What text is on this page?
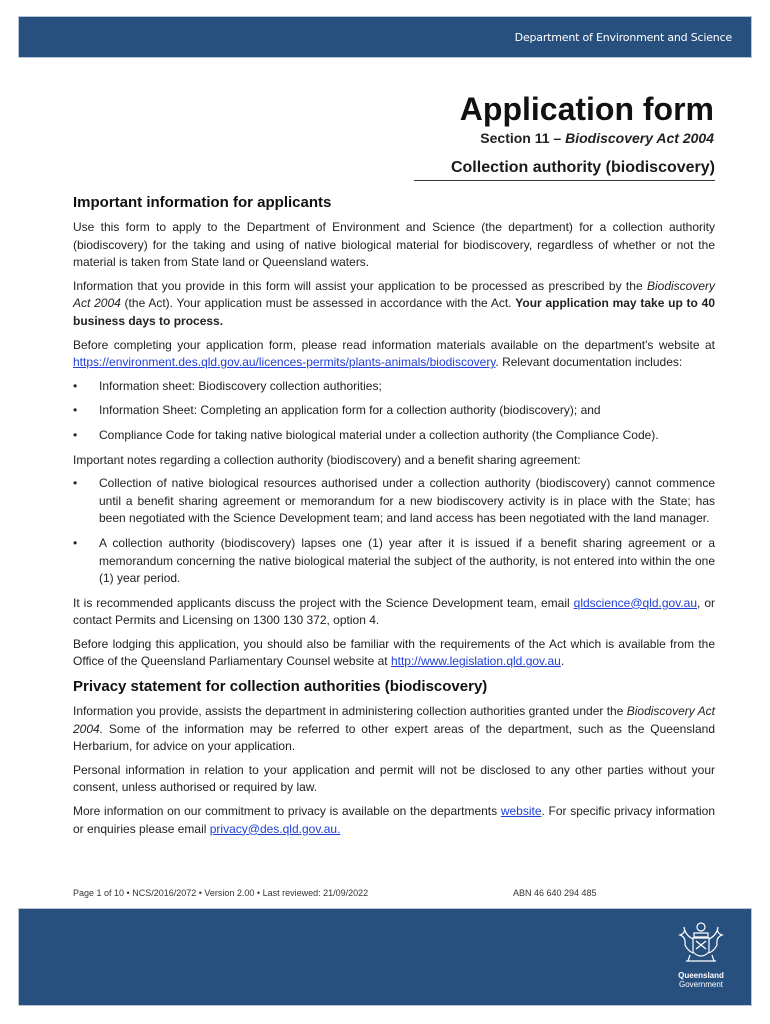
Department of Environment and Science
Application form
Section 11 – Biodiscovery Act 2004
Collection authority (biodiscovery)
Important information for applicants

Use this form to apply to the Department of Environment and Science (the department) for a collection authority (biodiscovery) for the taking and using of native biological material for biodiscovery, regardless of whether or not the material is taken from State land or Queensland waters.

Information that you provide in this form will assist your application to be processed as prescribed by the Biodiscovery Act 2004 (the Act). Your application must be assessed in accordance with the Act. Your application may take up to 40 business days to process.

Before completing your application form, please read information materials available on the department's website at https://environment.des.qld.gov.au/licences-permits/plants-animals/biodiscovery. Relevant documentation includes:

• Information sheet: Biodiscovery collection authorities;
• Information Sheet: Completing an application form for a collection authority (biodiscovery); and
• Compliance Code for taking native biological material under a collection authority (the Compliance Code).

Important notes regarding a collection authority (biodiscovery) and a benefit sharing agreement:

• Collection of native biological resources authorised under a collection authority (biodiscovery) cannot commence until a benefit sharing agreement or memorandum for a new biodiscovery activity is in place with the State; has been negotiated with the Science Development team; and land access has been negotiated with the land manager.
• A collection authority (biodiscovery) lapses one (1) year after it is issued if a benefit sharing agreement or a memorandum concerning the native biological material the subject of the authority, is not entered into within the one (1) year period.

It is recommended applicants discuss the project with the Science Development team, email qldscience@qld.gov.au, or contact Permits and Licensing on 1300 130 372, option 4.

Before lodging this application, you should also be familiar with the requirements of the Act which is available from the Office of the Queensland Parliamentary Counsel website at http://www.legislation.qld.gov.au.

Privacy statement for collection authorities (biodiscovery)

Information you provide, assists the department in administering collection authorities granted under the Biodiscovery Act 2004. Some of the information may be referred to other expert areas of the department, such as the Queensland Herbarium, for advice on your application.

Personal information in relation to your application and permit will not be disclosed to any other parties without your consent, unless authorised or required by law.

More information on our commitment to privacy is available on the departments website. For specific privacy information or enquiries please email privacy@des.qld.gov.au.

Page 1 of 10 • NCS/2016/2072 • Version 2.00 • Last reviewed: 21/09/2022	ABN 46 640 294 485
Queensland
Government
